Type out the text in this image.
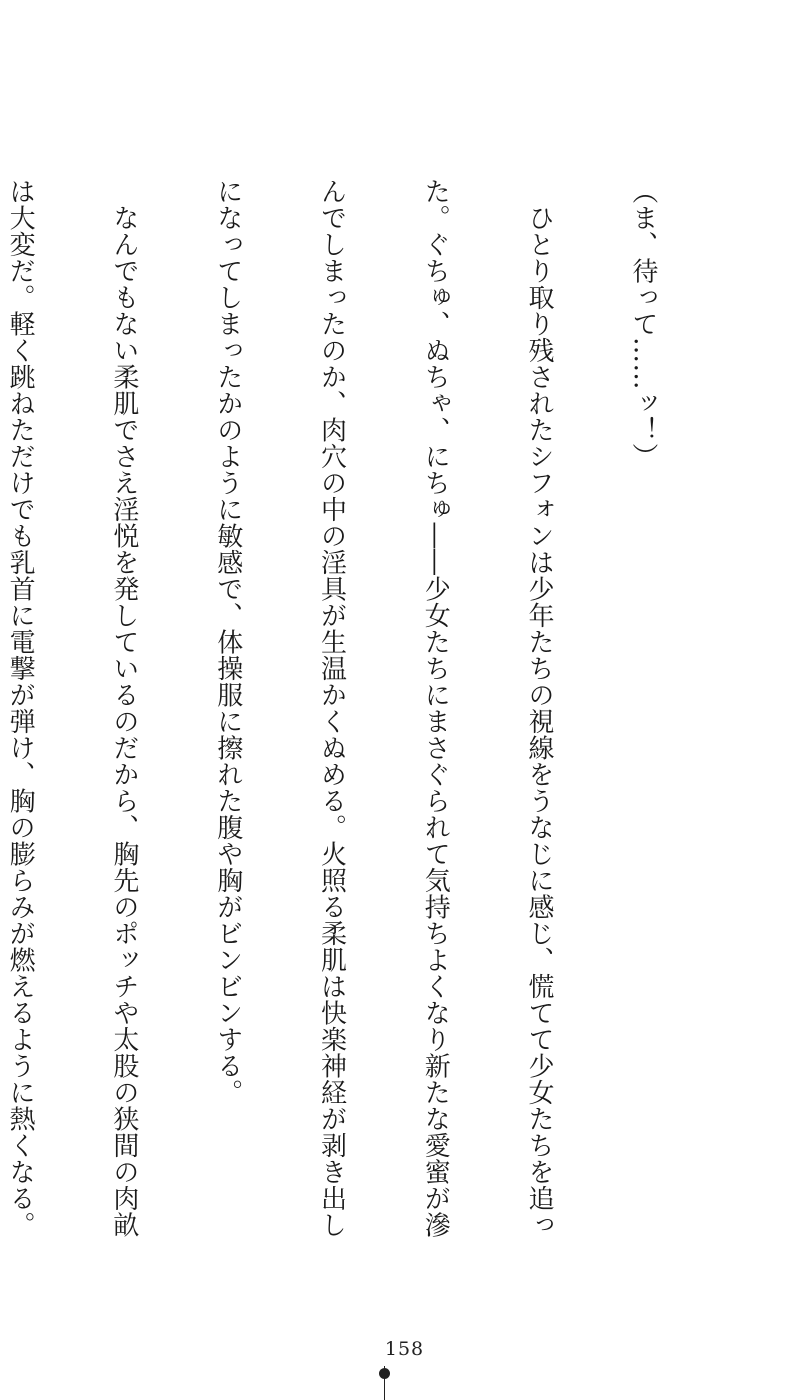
（ま、待って……ッ！）

　ひとり取り残されたシフォンは少年たちの視線をうなじに感じ、慌てて少女たちを追っ

た。ぐちゅ、ぬちゃ、にちゅ――少女たちにまさぐられて気持ちよくなり新たな愛蜜が滲

んでしまったのか、肉穴の中の淫具が生温かくぬめる。火照る柔肌は快楽神経が剥き出し

になってしまったかのように敏感で、体操服に擦れた腹や胸がビンビンする。

　なんでもない柔肌でさえ淫悦を発しているのだから、胸先のポッチや太股の狭間の肉畝

は大変だ。軽く跳ねただけでも乳首に電撃が弾け、胸の膨らみが燃えるように熱くなる。

158
